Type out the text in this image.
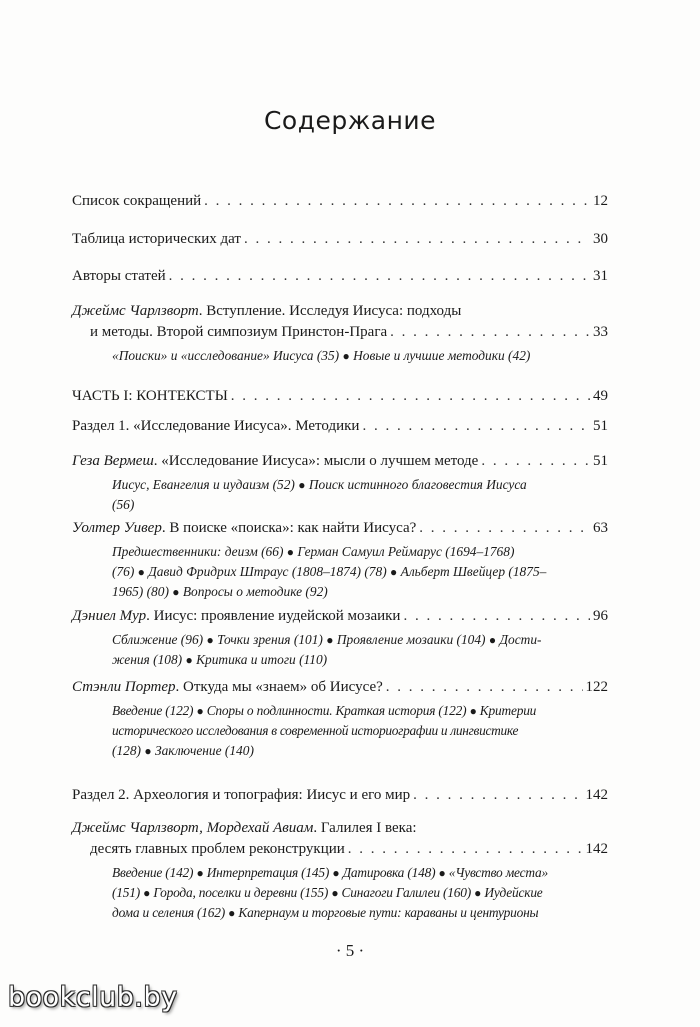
Содержание
Список сокращений . . .	12
Таблица исторических дат . . .	30
Авторы статей . . .	31
Джеймс Чарлзворт. Вступление. Исследуя Иисуса: подходы
и методы. Второй симпозиум Принстон-Прага . . .	33
«Поиски» и «исследование» Иисуса (35) ● Новые и лучшие методики (42)
ЧАСТЬ I: КОНТЕКСТЫ . . .	49
Раздел 1. «Исследование Иисуса». Методики . . .	51
Геза Вермеш. «Исследование Иисуса»: мысли о лучшем методе . . .	51
Иисус, Евангелия и иудаизм (52) ● Поиск истинного благовестия Иисуса
(56)
Уолтер Уивер. В поиске «поиска»: как найти Иисуса? . . .	63
Предшественники: деизм (66) ● Герман Самуил Реймарус (1694–1768)
(76) ● Давид Фридрих Штраус (1808–1874) (78) ● Альберт Швейцер (1875–
1965) (80) ● Вопросы о методике (92)
Дэниел Мур. Иисус: проявление иудейской мозаики . . .	96
Сближение (96) ● Точки зрения (101) ● Проявление мозаики (104) ● Дости-
жения (108) ● Критика и итоги (110)
Стэнли Портер. Откуда мы «знаем» об Иисусе? . . .	122
Введение (122) ● Споры о подлинности. Краткая история (122) ● Критерии
исторического исследования в современной историографии и лингвистике
(128) ● Заключение (140)
Раздел 2. Археология и топография: Иисус и его мир . . .	142
Джеймс Чарлзворт, Мордехай Авиам. Галилея I века:
десять главных проблем реконструкции . . .	142
Введение (142) ● Интерпретация (145) ● Датировка (148) ● «Чувство места»
(151) ● Города, поселки и деревни (155) ● Синагоги Галилеи (160) ● Иудейские
дома и селения (162) ● Капернаум и торговые пути: караваны и центурионы
· 5 ·
bookclub.by
